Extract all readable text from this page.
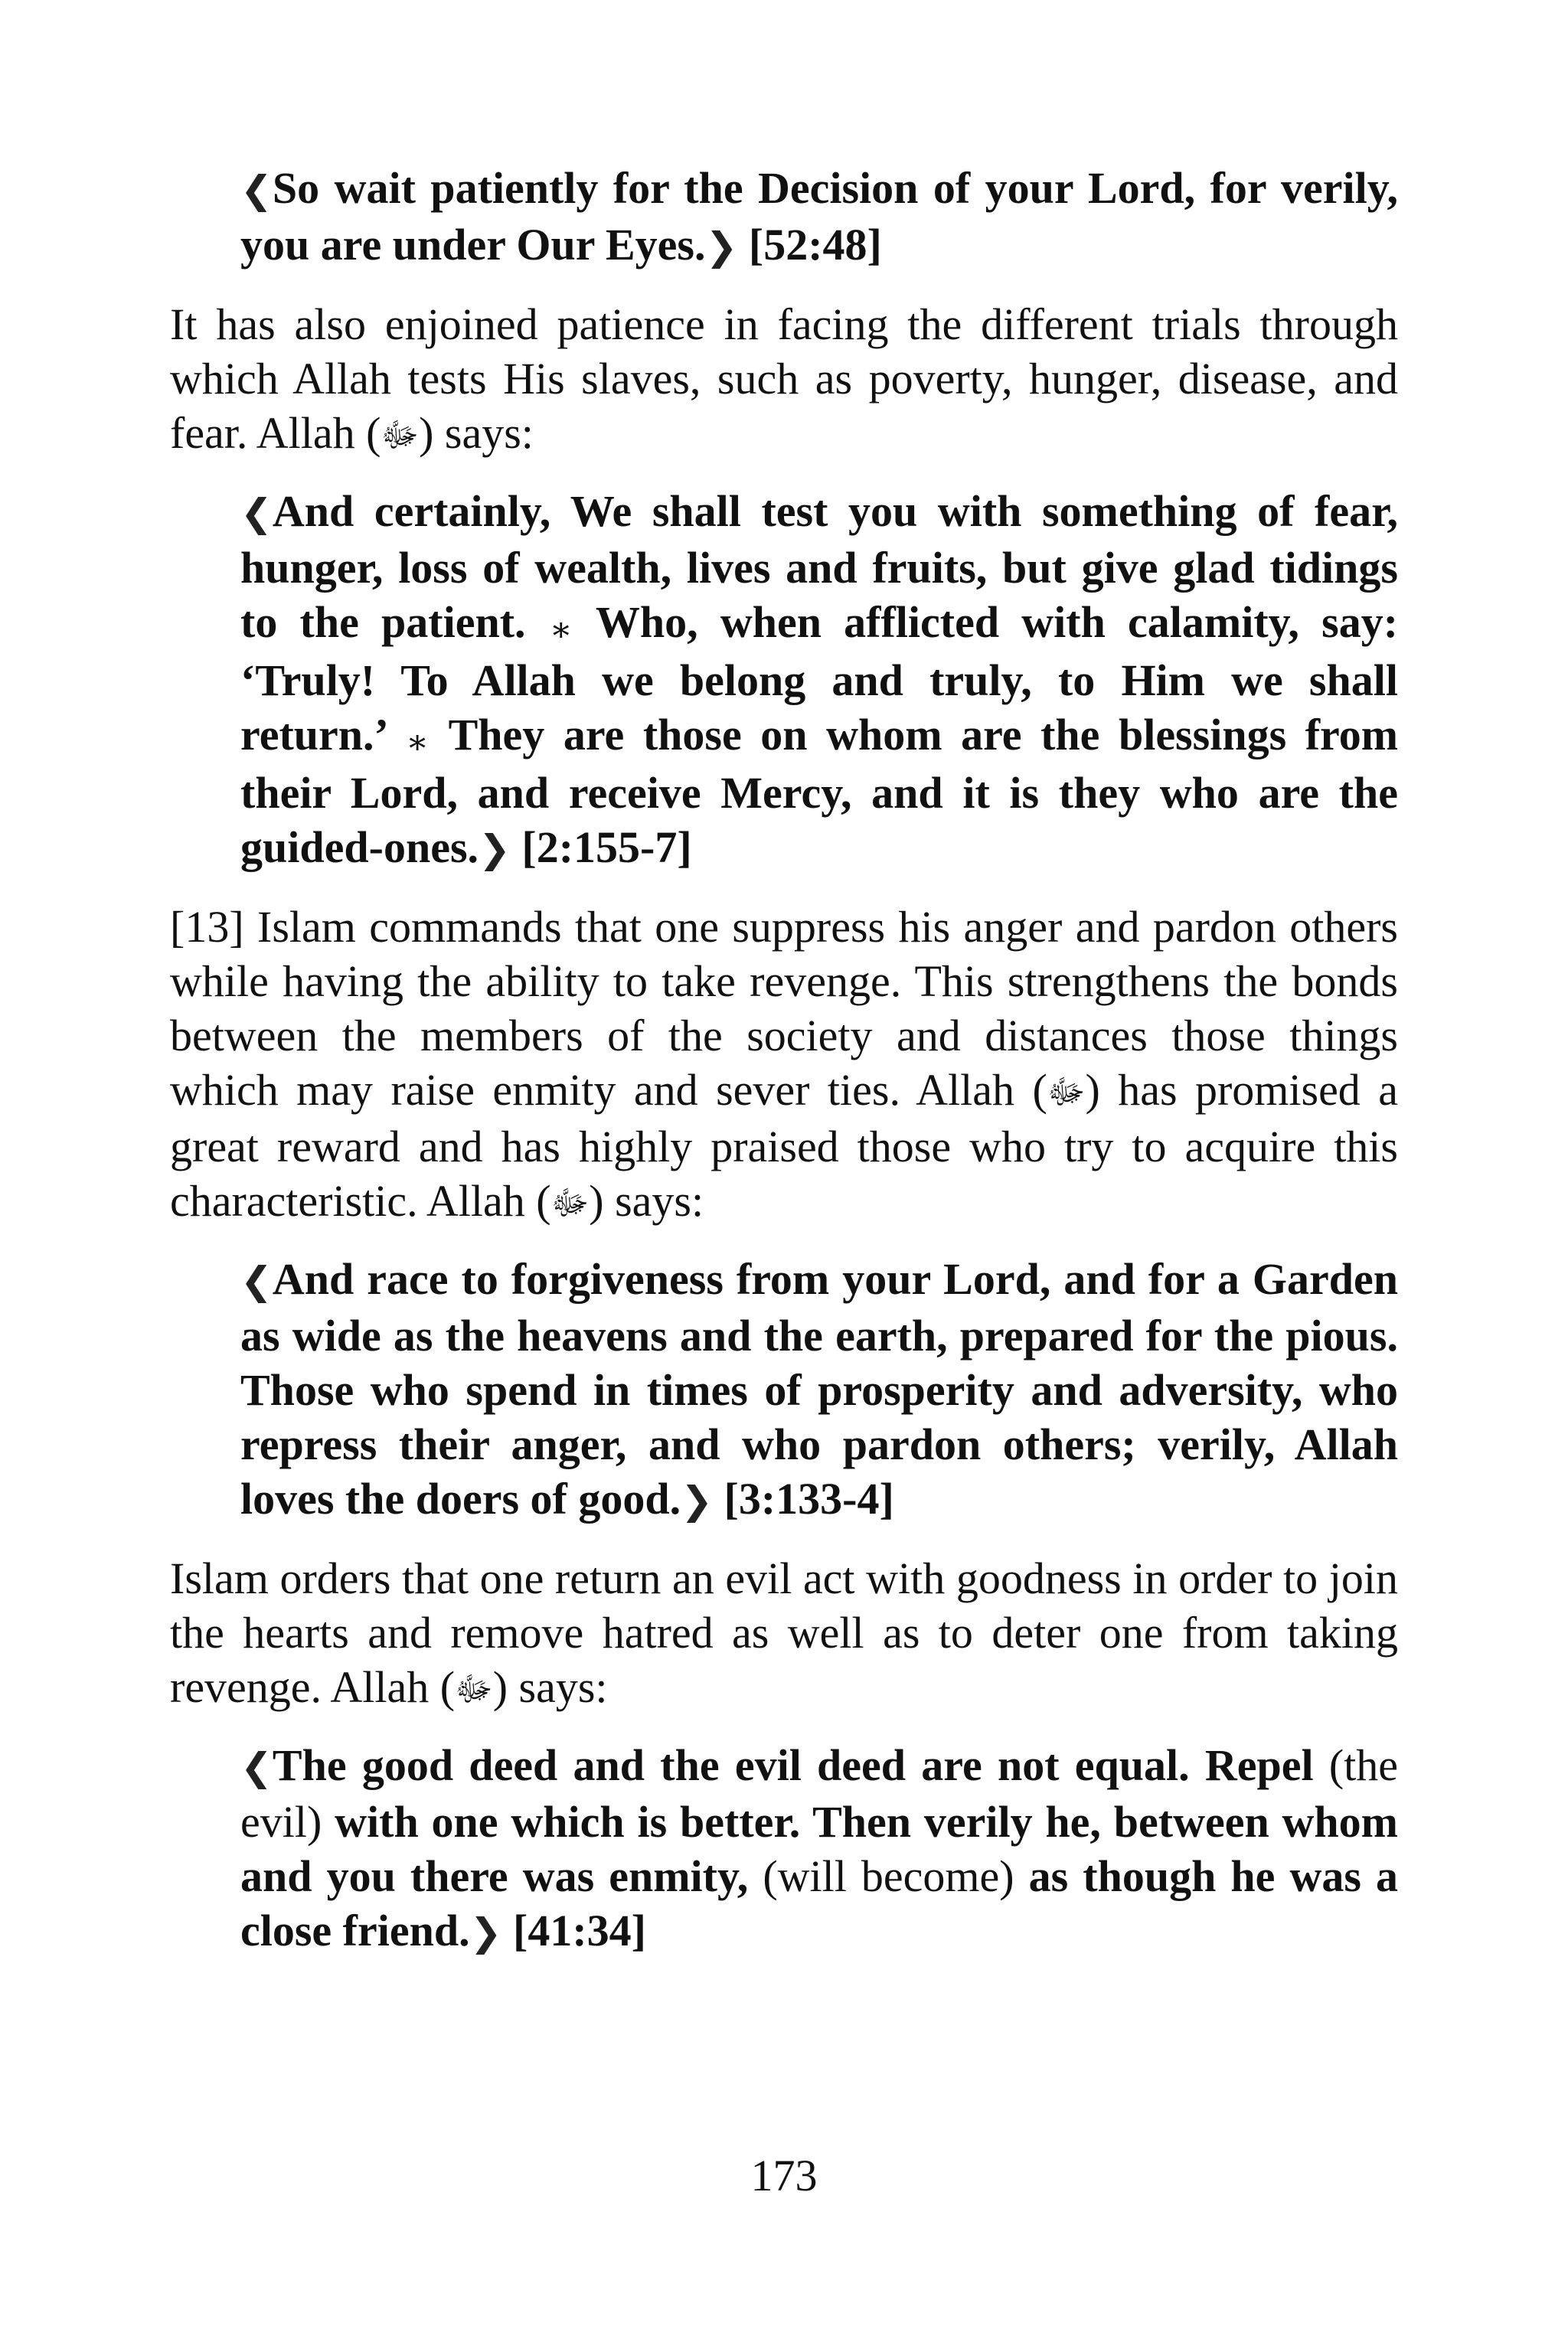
❮So wait patiently for the Decision of your Lord, for verily, you are under Our Eyes.❯ [52:48]

It has also enjoined patience in facing the different trials through which Allah tests His slaves, such as poverty, hunger, disease, and fear. Allah (ﷻ) says:

❮And certainly, We shall test you with something of fear, hunger, loss of wealth, lives and fruits, but give glad tidings to the patient. ⁎ Who, when afflicted with calamity, say: ‘Truly! To Allah we belong and truly, to Him we shall return.’ ⁎ They are those on whom are the blessings from their Lord, and receive Mercy, and it is they who are the guided-ones.❯ [2:155-7]

[13] Islam commands that one suppress his anger and pardon others while having the ability to take revenge. This strengthens the bonds between the members of the society and distances those things which may raise enmity and sever ties. Allah (ﷻ) has promised a great reward and has highly praised those who try to acquire this characteristic. Allah (ﷻ) says:

❮And race to forgiveness from your Lord, and for a Garden as wide as the heavens and the earth, prepared for the pious. Those who spend in times of prosperity and adversity, who repress their anger, and who pardon others; verily, Allah loves the doers of good.❯ [3:133-4]

Islam orders that one return an evil act with goodness in order to join the hearts and remove hatred as well as to deter one from taking revenge. Allah (ﷻ) says:

❮The good deed and the evil deed are not equal. Repel (the evil) with one which is better. Then verily he, between whom and you there was enmity, (will become) as though he was a close friend.❯ [41:34]

173
